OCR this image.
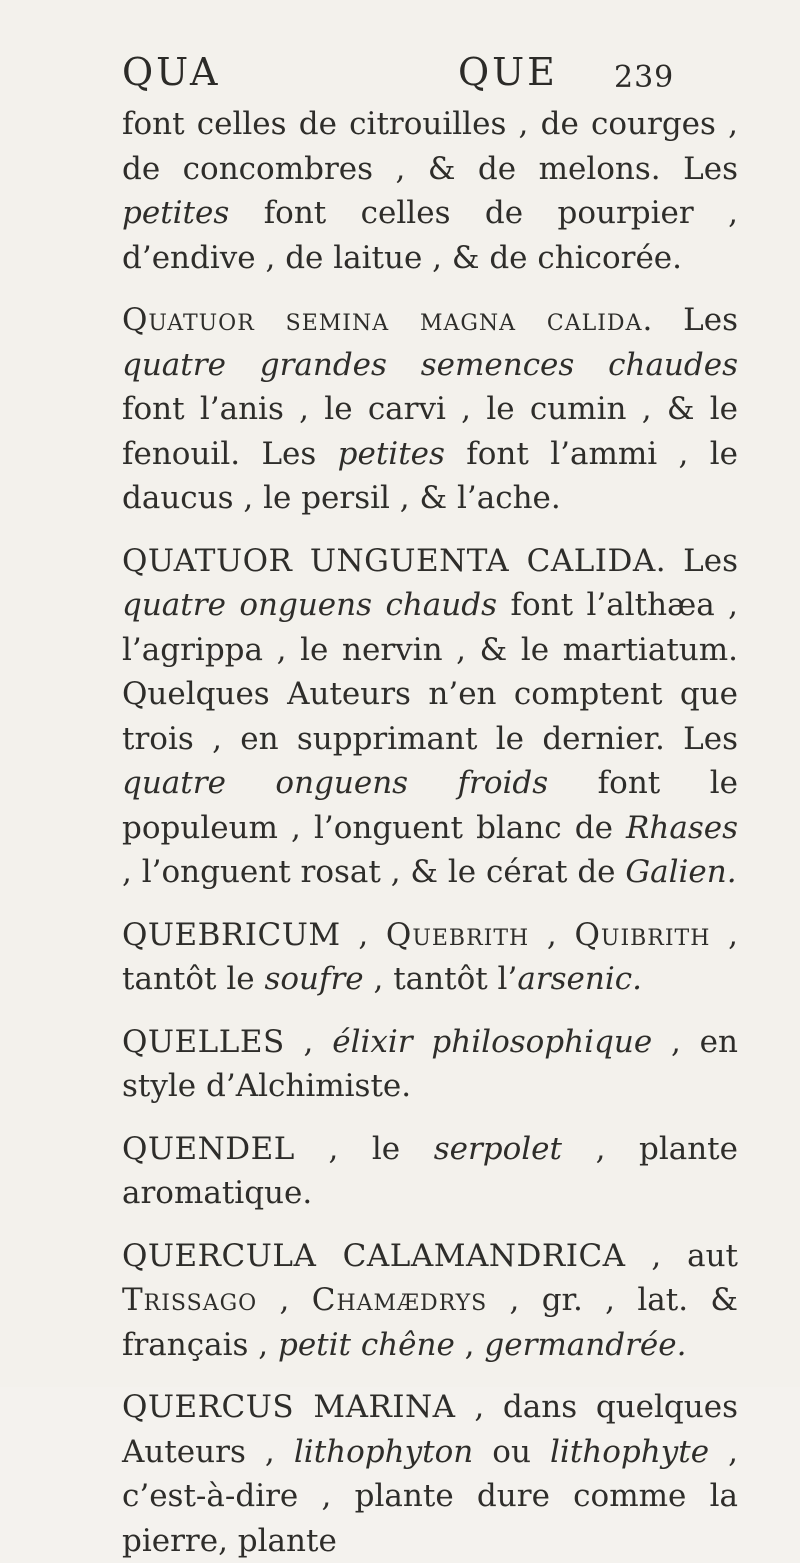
QUA	QUE 239

font celles de citrouilles , de courges , de concombres , & de melons. Les petites font celles de pourpier , d’endive , de laitue , & de chicorée.

Quatuor semina magna calida. Les quatre grandes semences chaudes font l’anis , le carvi , le cumin , & le fenouil. Les petites font l’ammi , le daucus , le persil , & l’ache.

QUATUOR UNGUENTA CALIDA. Les quatre onguens chauds font l’althæa , l’agrippa , le nervin , & le martiatum. Quelques Auteurs n’en comptent que trois , en supprimant le dernier. Les quatre onguens froids font le populeum , l’onguent blanc de Rhases , l’onguent rosat , & le cérat de Galien.

QUEBRICUM , Quebrith , Quibrith , tantôt le soufre , tantôt l’arsenic.

QUELLES , élixir philosophique , en style d’Alchimiste.

QUENDEL , le serpolet , plante aromatique.

QUERCULA CALAMANDRICA , aut Trissago , Chamædrys , gr. , lat. & français , petit chêne , germandrée.

QUERCUS MARINA , dans quelques Auteurs , lithophyton ou lithophyte , c’est-à-dire , plante dure comme la pierre, plante
